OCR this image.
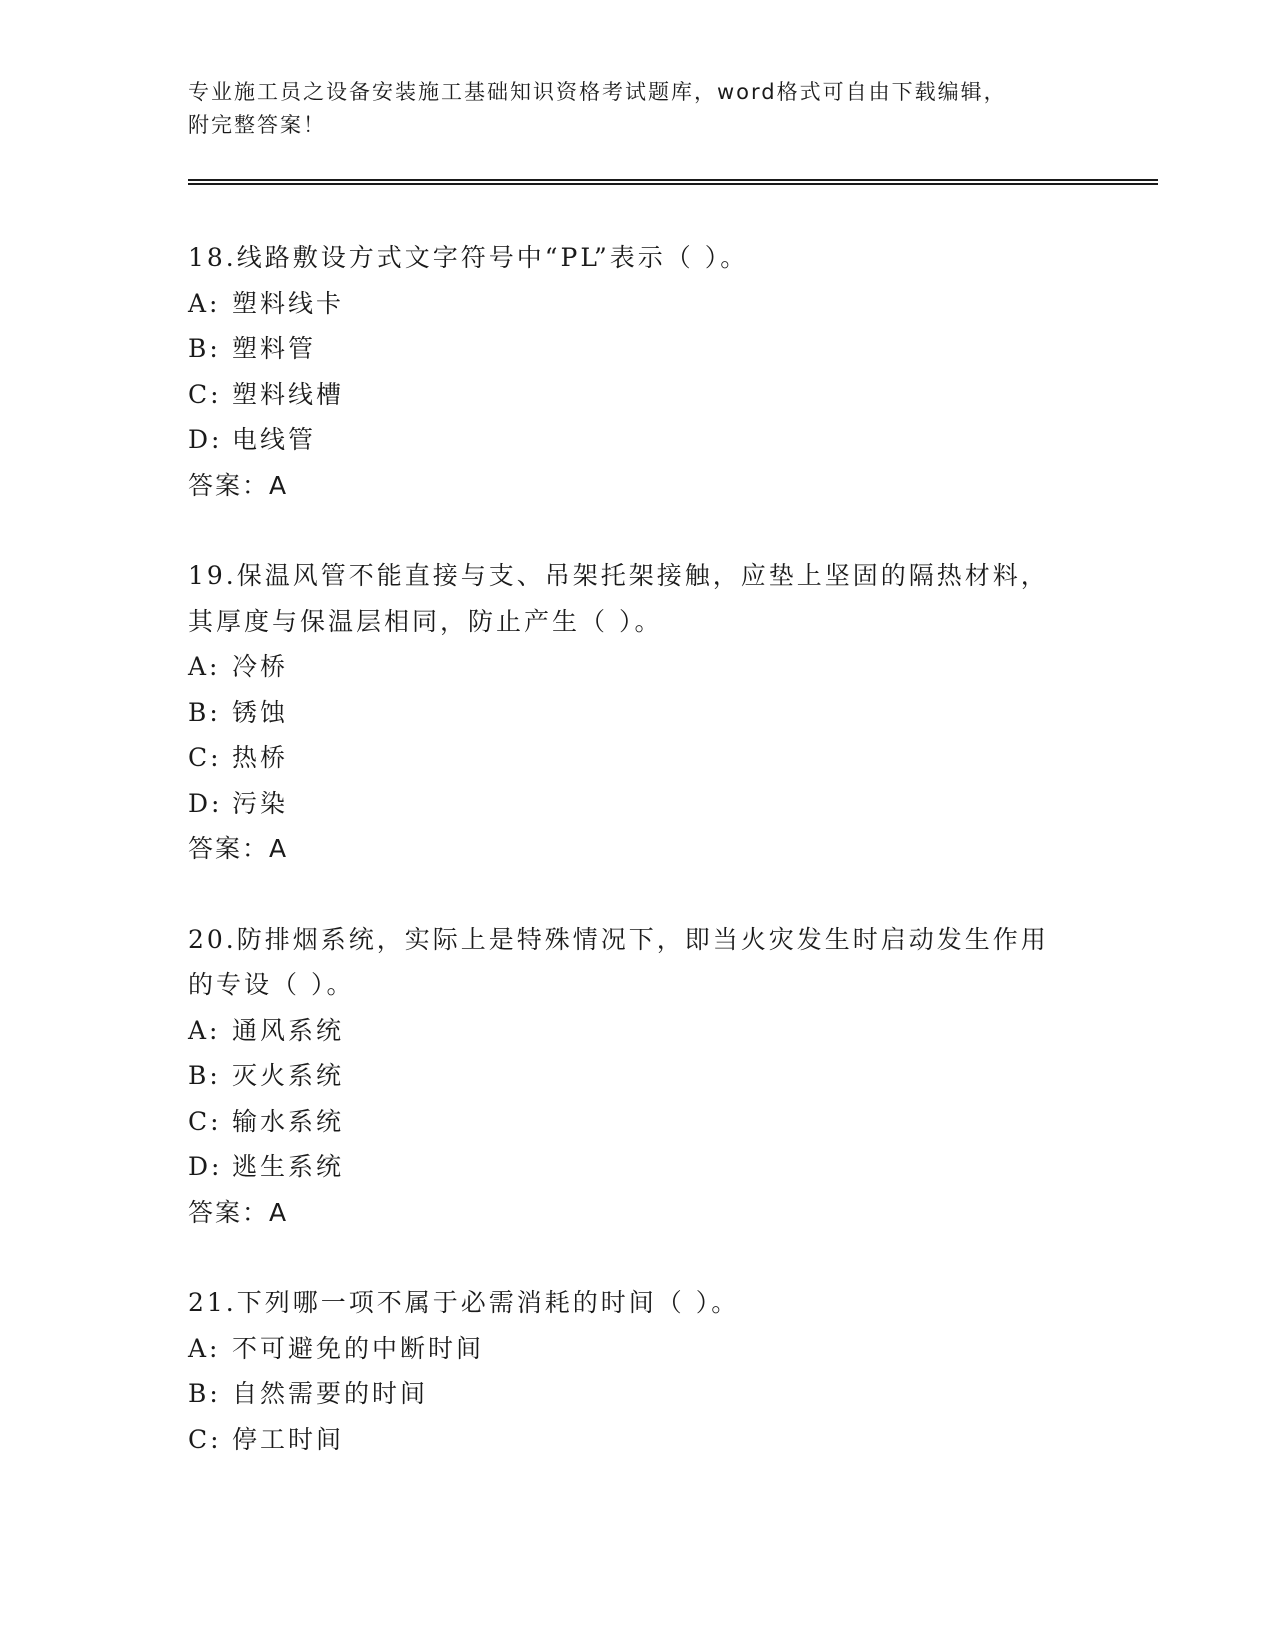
专业施工员之设备安装施工基础知识资格考试题库，word格式可自由下载编辑，
附完整答案！
18.线路敷设方式文字符号中“PL”表示（ ）。
A: 塑料线卡
B: 塑料管
C: 塑料线槽
D: 电线管
答案：A
19.保温风管不能直接与支、吊架托架接触，应垫上坚固的隔热材料，
其厚度与保温层相同，防止产生（ ）。
A: 冷桥
B: 锈蚀
C: 热桥
D: 污染
答案：A
20.防排烟系统，实际上是特殊情况下，即当火灾发生时启动发生作用
的专设（ ）。
A: 通风系统
B: 灭火系统
C: 输水系统
D: 逃生系统
答案：A
21.下列哪一项不属于必需消耗的时间（ ）。
A: 不可避免的中断时间
B: 自然需要的时间
C: 停工时间
